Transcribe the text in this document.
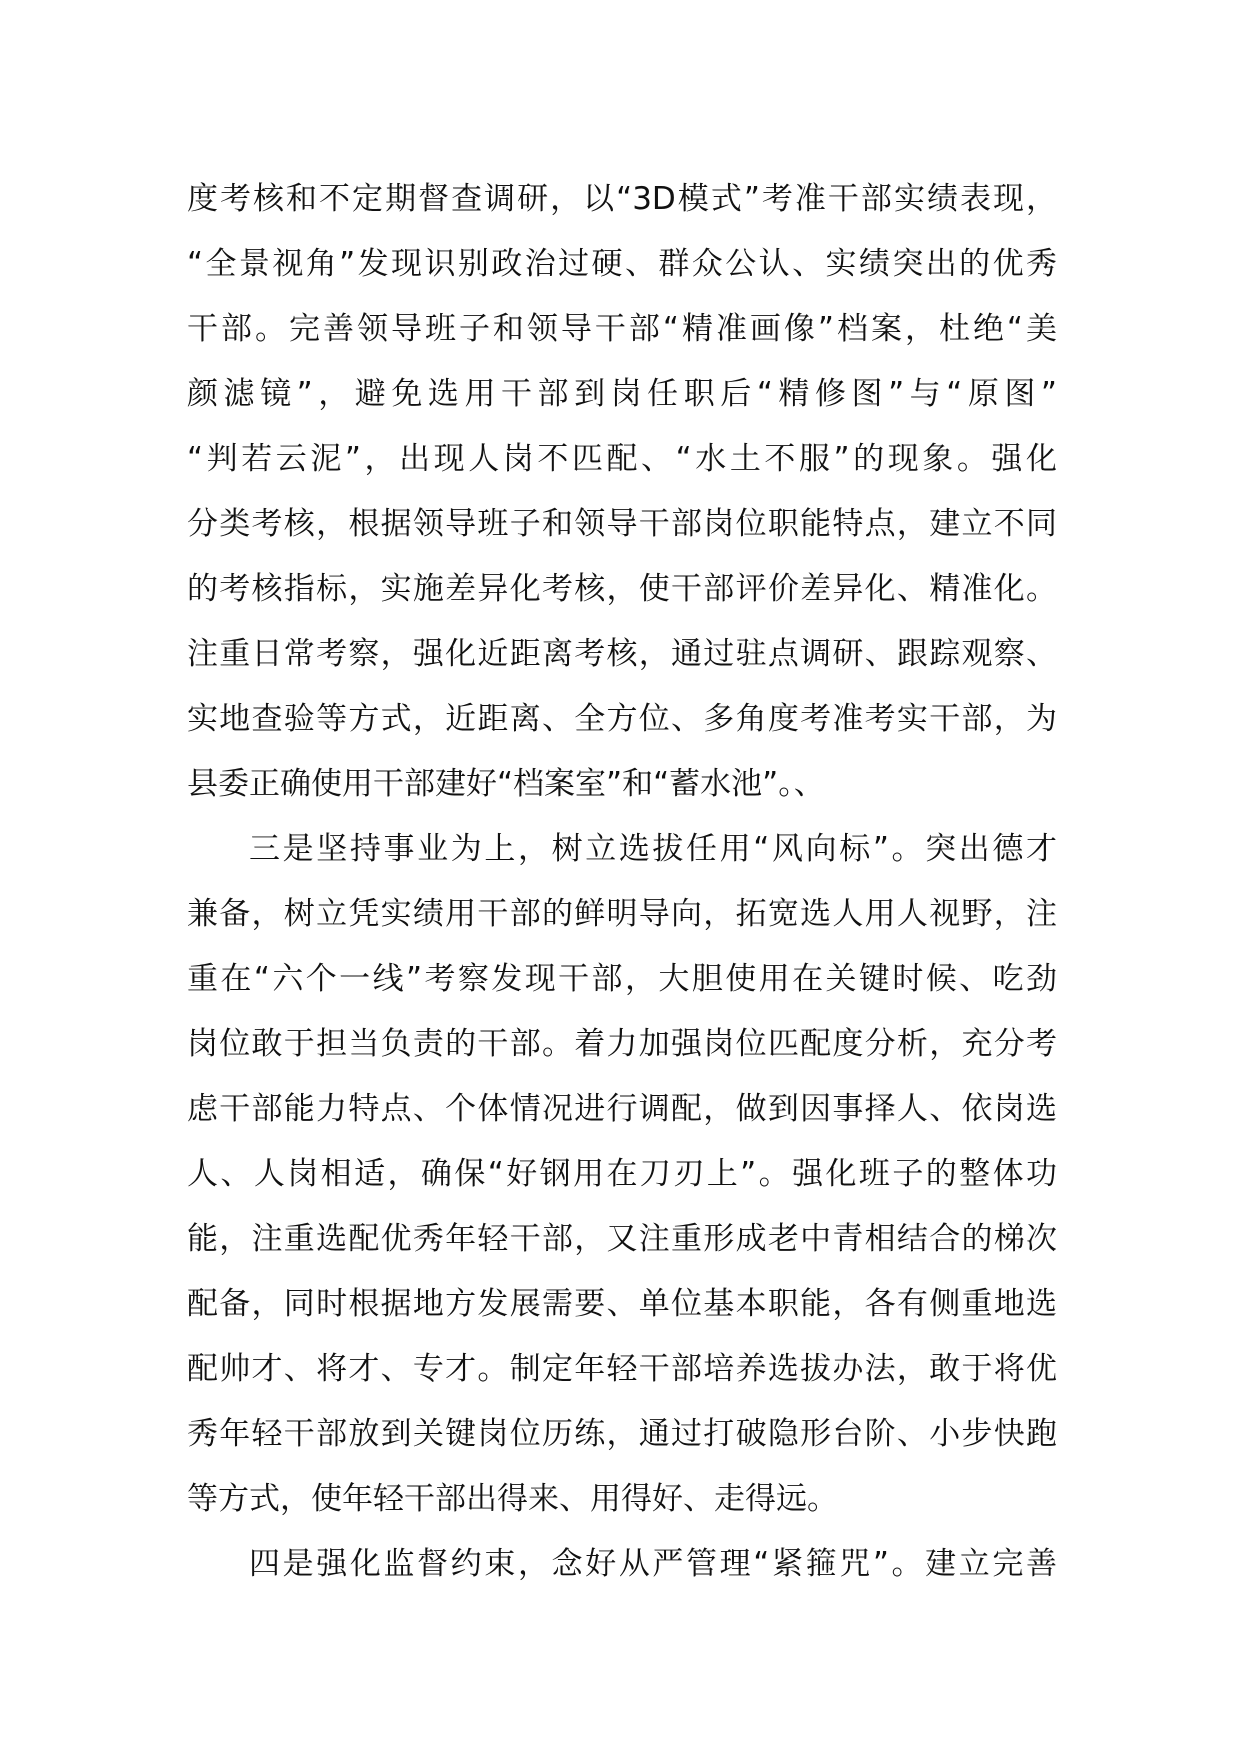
度考核和不定期督查调研，以“3D模式”考准干部实绩表现，
“全景视角”发现识别政治过硬、群众公认、实绩突出的优秀
干部。完善领导班子和领导干部“精准画像”档案，杜绝“美
颜滤镜”，避免选用干部到岗任职后“精修图”与“原图”
“判若云泥”，出现人岗不匹配、“水土不服”的现象。强化
分类考核，根据领导班子和领导干部岗位职能特点，建立不同
的考核指标，实施差异化考核，使干部评价差异化、精准化。
注重日常考察，强化近距离考核，通过驻点调研、跟踪观察、
实地查验等方式，近距离、全方位、多角度考准考实干部，为
县委正确使用干部建好“档案室”和“蓄水池”。、
三是坚持事业为上，树立选拔任用“风向标”。突出德才
兼备，树立凭实绩用干部的鲜明导向，拓宽选人用人视野，注
重在“六个一线”考察发现干部，大胆使用在关键时候、吃劲
岗位敢于担当负责的干部。着力加强岗位匹配度分析，充分考
虑干部能力特点、个体情况进行调配，做到因事择人、依岗选
人、人岗相适，确保“好钢用在刀刃上”。强化班子的整体功
能，注重选配优秀年轻干部，又注重形成老中青相结合的梯次
配备，同时根据地方发展需要、单位基本职能，各有侧重地选
配帅才、将才、专才。制定年轻干部培养选拔办法，敢于将优
秀年轻干部放到关键岗位历练，通过打破隐形台阶、小步快跑
等方式，使年轻干部出得来、用得好、走得远。
四是强化监督约束，念好从严管理“紧箍咒”。建立完善
